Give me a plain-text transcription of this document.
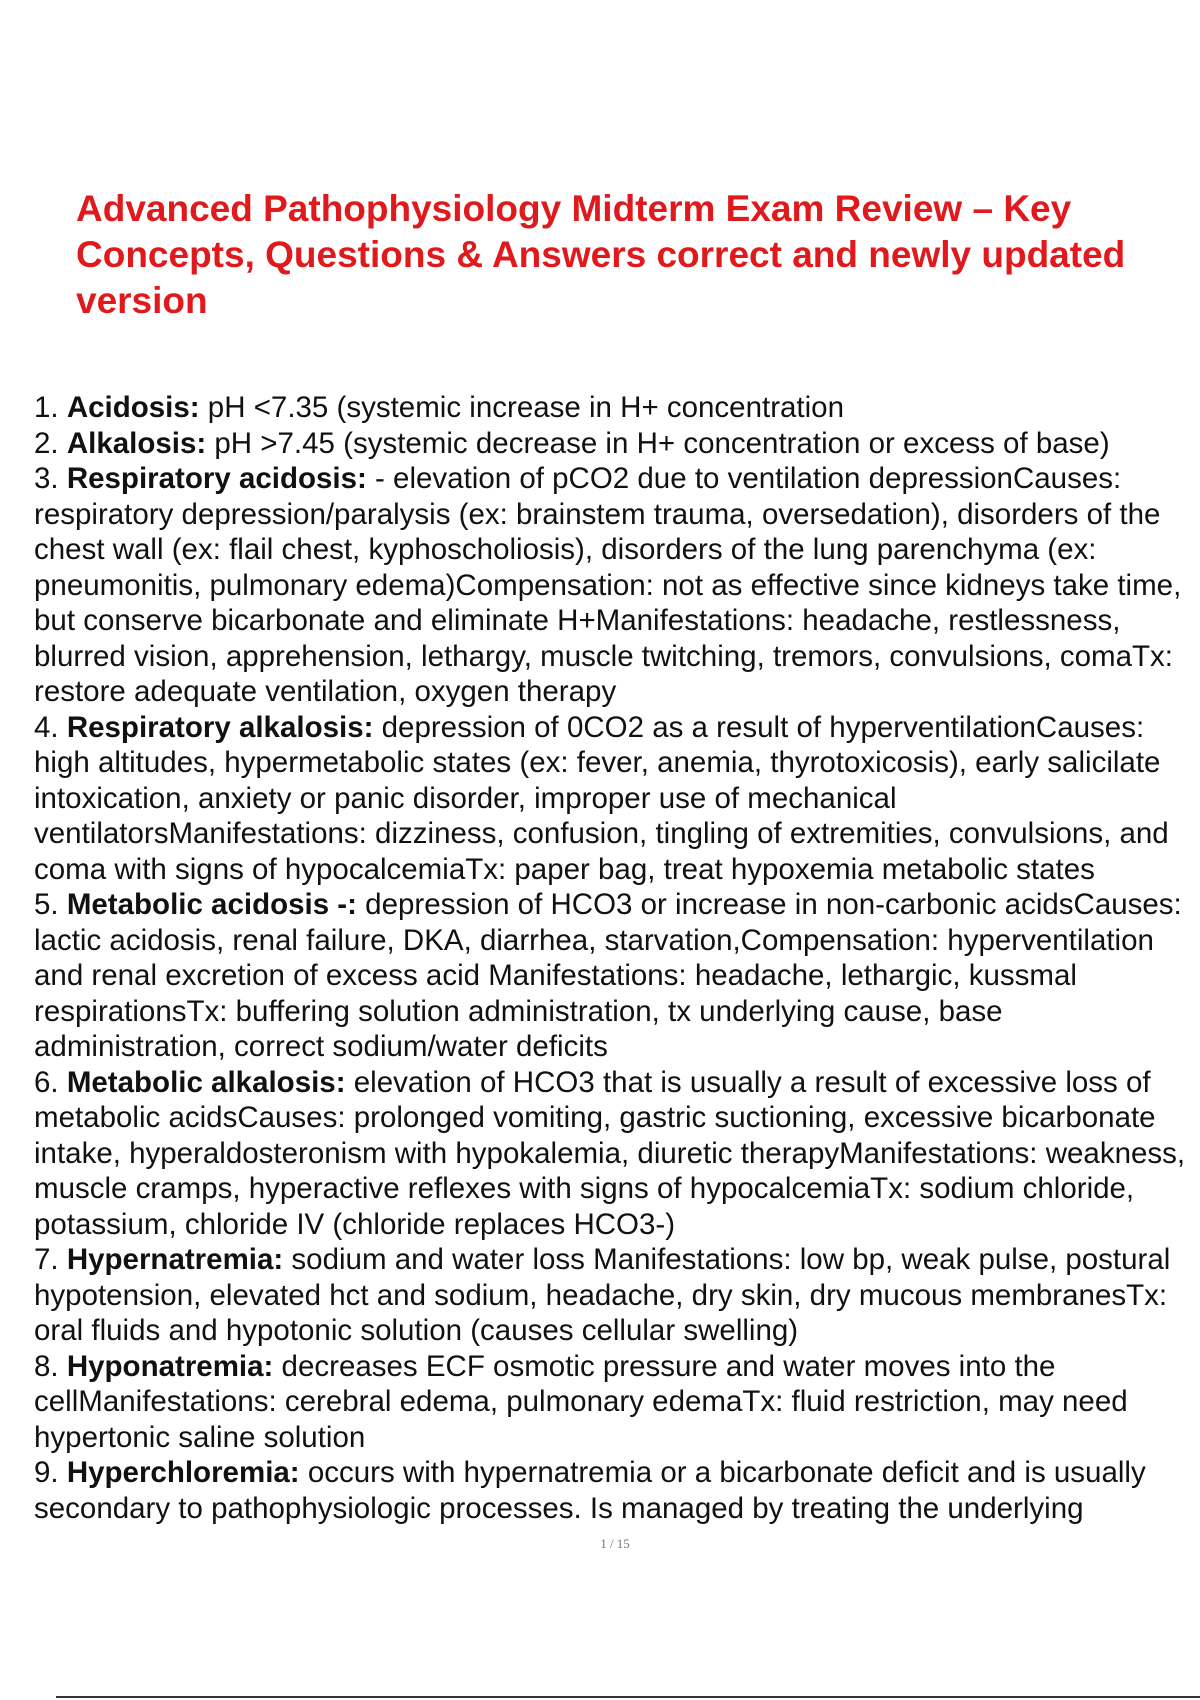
Advanced Pathophysiology Midterm Exam Review – Key Concepts, Questions & Answers correct and newly updated version
1. Acidosis: pH <7.35 (systemic increase in H+ concentration
2. Alkalosis: pH >7.45 (systemic decrease in H+ concentration or excess of base)
3. Respiratory acidosis: - elevation of pCO2 due to ventilation depressionCauses: respiratory depression/paralysis (ex: brainstem trauma, oversedation), disorders of the chest wall (ex: flail chest, kyphoscholiosis), disorders of the lung parenchyma (ex: pneumonitis, pulmonary edema)Compensation: not as effective since kidneys take time, but conserve bicarbonate and eliminate H+Manifestations: headache, restlessness, blurred vision, apprehension, lethargy, muscle twitching, tremors, convulsions, comaTx: restore adequate ventilation, oxygen therapy
4. Respiratory alkalosis: depression of 0CO2 as a result of hyperventilationCauses: high altitudes, hypermetabolic states (ex: fever, anemia, thyrotoxicosis), early salicilate intoxication, anxiety or panic disorder, improper use of mechanical ventilatorsManifestations: dizziness, confusion, tingling of extremities, convulsions, and coma with signs of hypocalcemiaTx: paper bag, treat hypoxemia metabolic states
5. Metabolic acidosis -: depression of HCO3 or increase in non-carbonic acidsCauses: lactic acidosis, renal failure, DKA, diarrhea, starvation,Compensation: hyperventilation and renal excretion of excess acid Manifestations: headache, lethargic, kussmal respirationsTx: buffering solution administration, tx underlying cause, base administration, correct sodium/water deficits
6. Metabolic alkalosis: elevation of HCO3 that is usually a result of excessive loss of metabolic acidsCauses: prolonged vomiting, gastric suctioning, excessive bicarbonate intake, hyperaldosteronism with hypokalemia, diuretic therapyManifestations: weakness, muscle cramps, hyperactive reflexes with signs of hypocalcemiaTx: sodium chloride, potassium, chloride IV (chloride replaces HCO3-)
7. Hypernatremia: sodium and water loss Manifestations: low bp, weak pulse, postural hypotension, elevated hct and sodium, headache, dry skin, dry mucous membranesTx: oral fluids and hypotonic solution (causes cellular swelling)
8. Hyponatremia: decreases ECF osmotic pressure and water moves into the cellManifestations: cerebral edema, pulmonary edemaTx: fluid restriction, may need hypertonic saline solution
9. Hyperchloremia: occurs with hypernatremia or a bicarbonate deficit and is usually secondary to pathophysiologic processes. Is managed by treating the underlying
1 / 15
